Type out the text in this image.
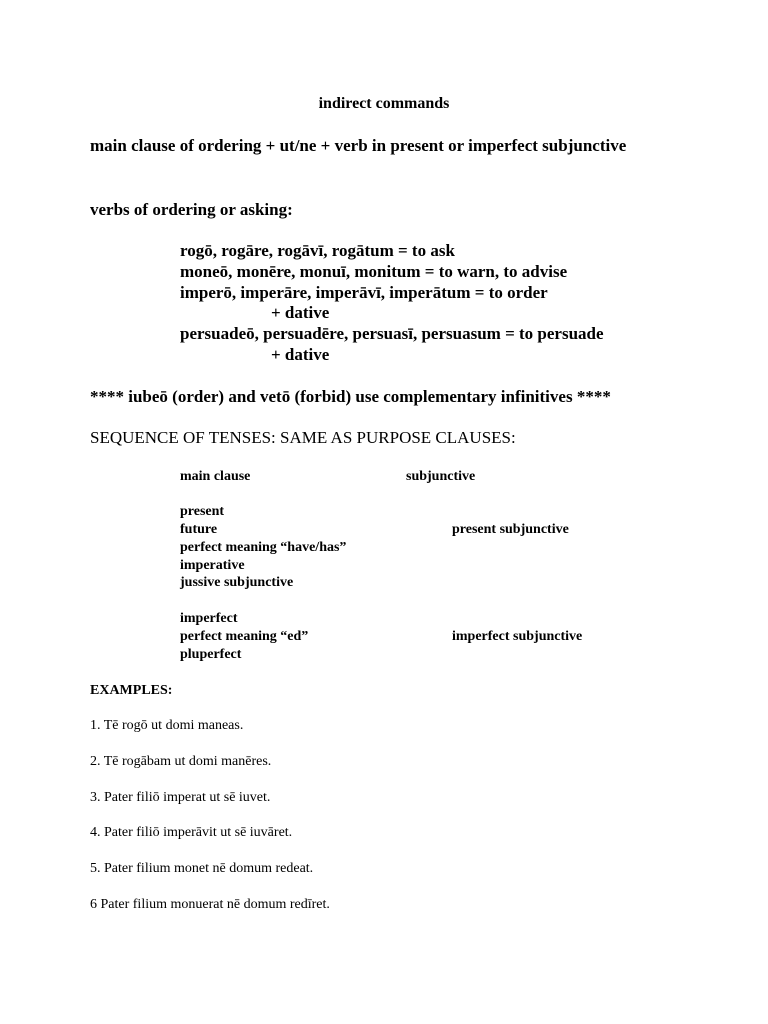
indirect commands
main clause of ordering + ut/ne + verb in present or imperfect subjunctive
verbs of ordering or asking:
rogō, rogāre, rogāvī, rogātum = to ask
moneō, monēre, monuī, monitum = to warn, to advise
imperō, imperāre, imperāvī, imperātum = to order
+ dative
persuadeō, persuadēre, persuasī, persuasum = to persuade
+ dative
**** iubeō (order) and vetō (forbid) use complementary infinitives ****
SEQUENCE OF TENSES: SAME AS PURPOSE CLAUSES:
main clause	subjunctive
present
future
perfect meaning “have/has”
imperative
jussive subjunctive
present subjunctive
imperfect
perfect meaning “ed”
pluperfect
imperfect subjunctive
EXAMPLES:
1. Tē rogō ut domi maneas.
2. Tē rogābam ut domi manēres.
3. Pater filiō imperat ut sē iuvet.
4. Pater filiō imperāvit ut sē iuvāret.
5. Pater filium monet nē domum redeat.
6 Pater filium monuerat nē domum redīret.
